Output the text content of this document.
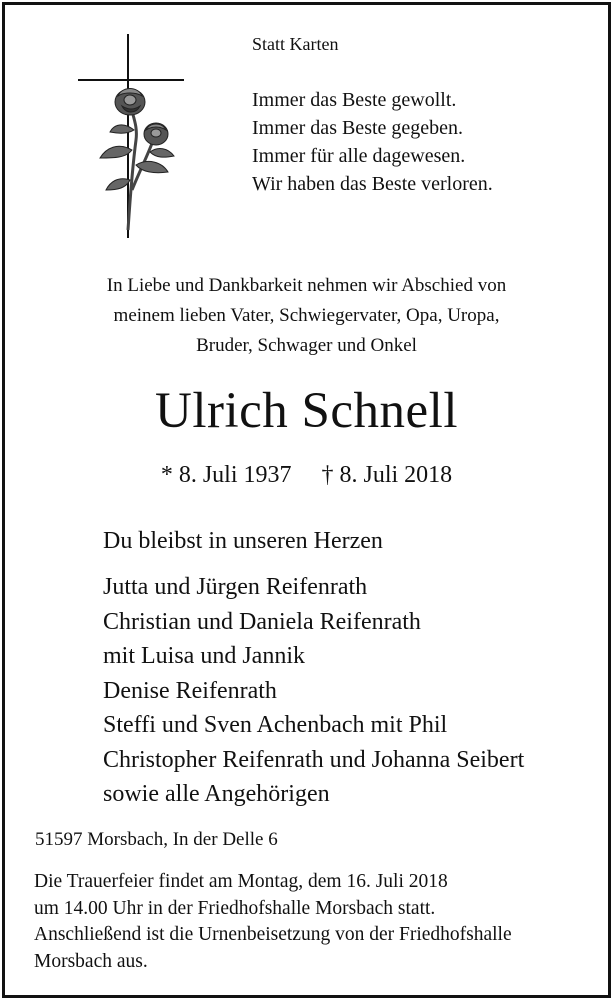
Statt Karten
Immer das Beste gewollt.
Immer das Beste gegeben.
Immer für alle dagewesen.
Wir haben das Beste verloren.
In Liebe und Dankbarkeit nehmen wir Abschied von
meinem lieben Vater, Schwiegervater, Opa, Uropa,
Bruder, Schwager und Onkel
Ulrich Schnell
* 8. Juli 1937 † 8. Juli 2018
Du bleibst in unseren Herzen
Jutta und Jürgen Reifenrath
Christian und Daniela Reifenrath
mit Luisa und Jannik
Denise Reifenrath
Steffi und Sven Achenbach mit Phil
Christopher Reifenrath und Johanna Seibert
sowie alle Angehörigen
51597 Morsbach, In der Delle 6
Die Trauerfeier findet am Montag, dem 16. Juli 2018
um 14.00 Uhr in der Friedhofshalle Morsbach statt.
Anschließend ist die Urnenbeisetzung von der Friedhofshalle
Morsbach aus.
